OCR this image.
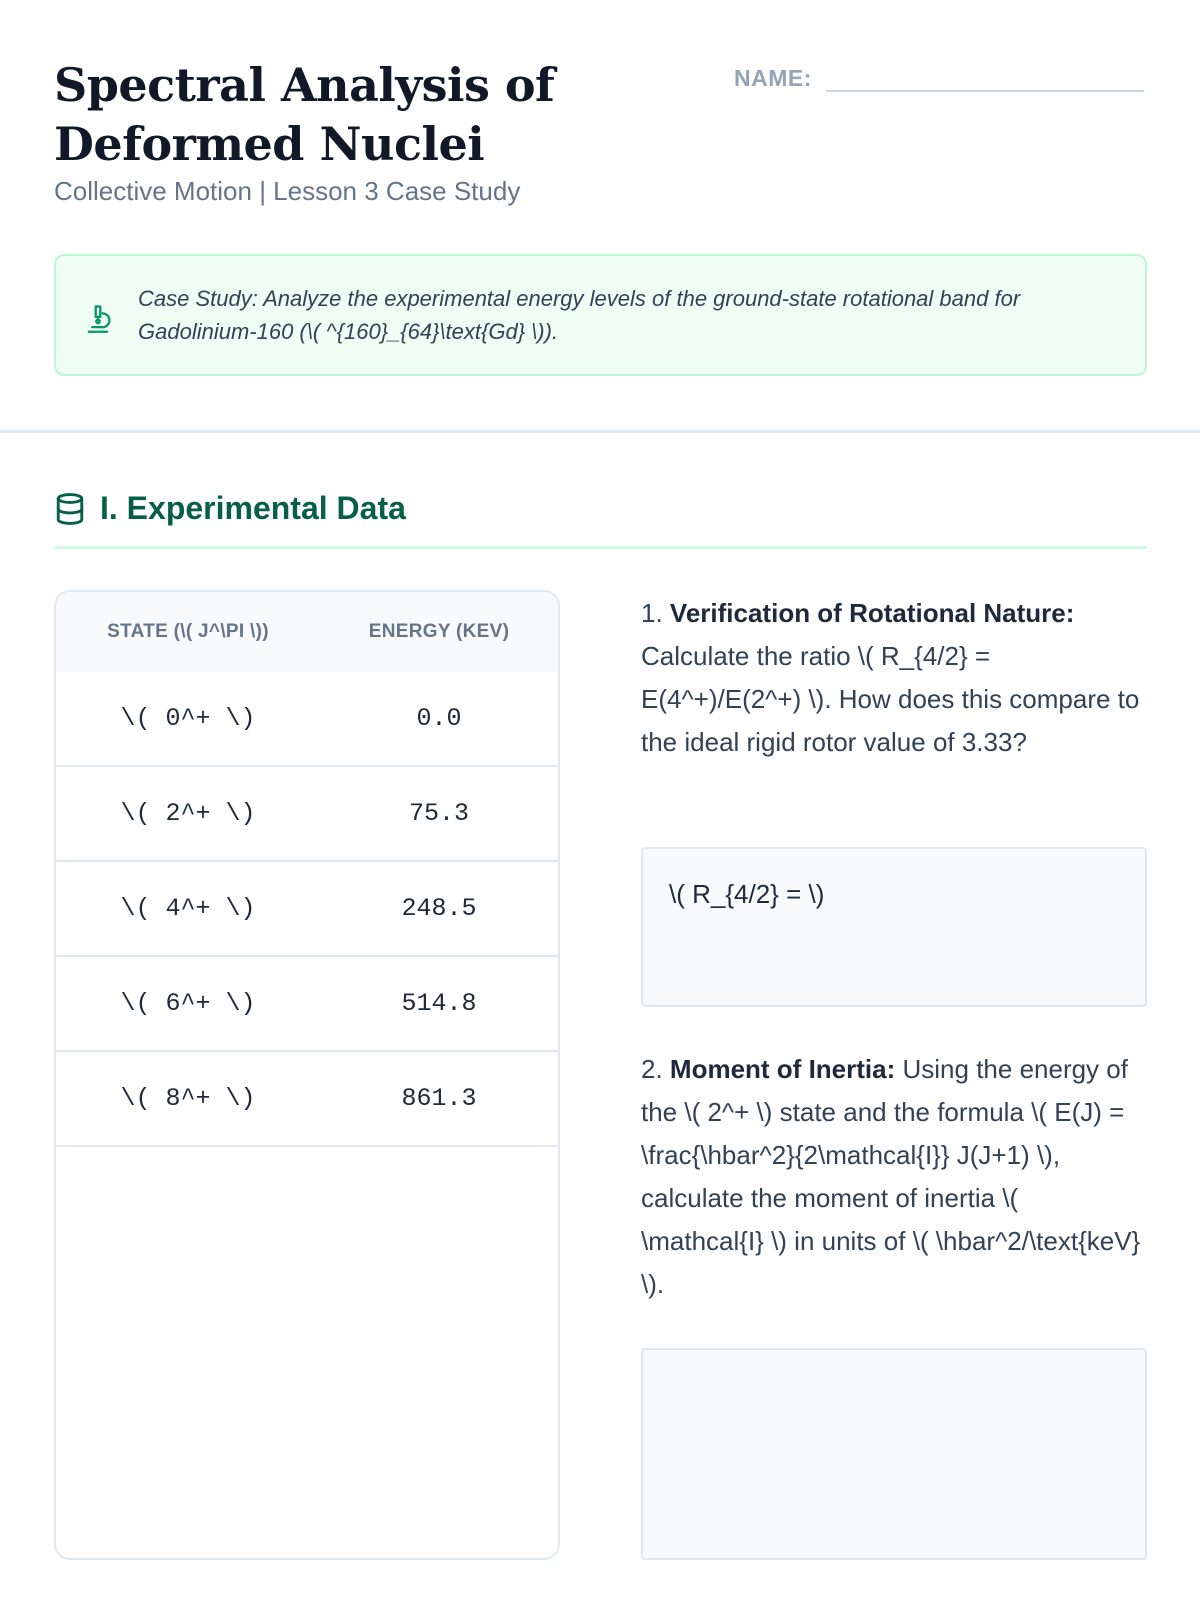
Spectral Analysis of Deformed Nuclei
Collective Motion | Lesson 3 Case Study
NAME:
Case Study: Analyze the experimental energy levels of the ground-state rotational band for Gadolinium-160 (\( ^{160}_{64}\text{Gd} \)).
I. Experimental Data
STATE (\( J^\PI \))	ENERGY (KEV)
\( 0^+ \)	0.0
\( 2^+ \)	75.3
\( 4^+ \)	248.5
\( 6^+ \)	514.8
\( 8^+ \)	861.3
1. Verification of Rotational Nature: Calculate the ratio \( R_{4/2} = E(4^+)/E(2^+) \). How does this compare to the ideal rigid rotor value of 3.33?
\( R_{4/2} = \)
2. Moment of Inertia: Using the energy of the \( 2^+ \) state and the formula \( E(J) = \frac{\hbar^2}{2\mathcal{I}} J(J+1) \), calculate the moment of inertia \( \mathcal{I} \) in units of \( \hbar^2/\text{keV} \).
